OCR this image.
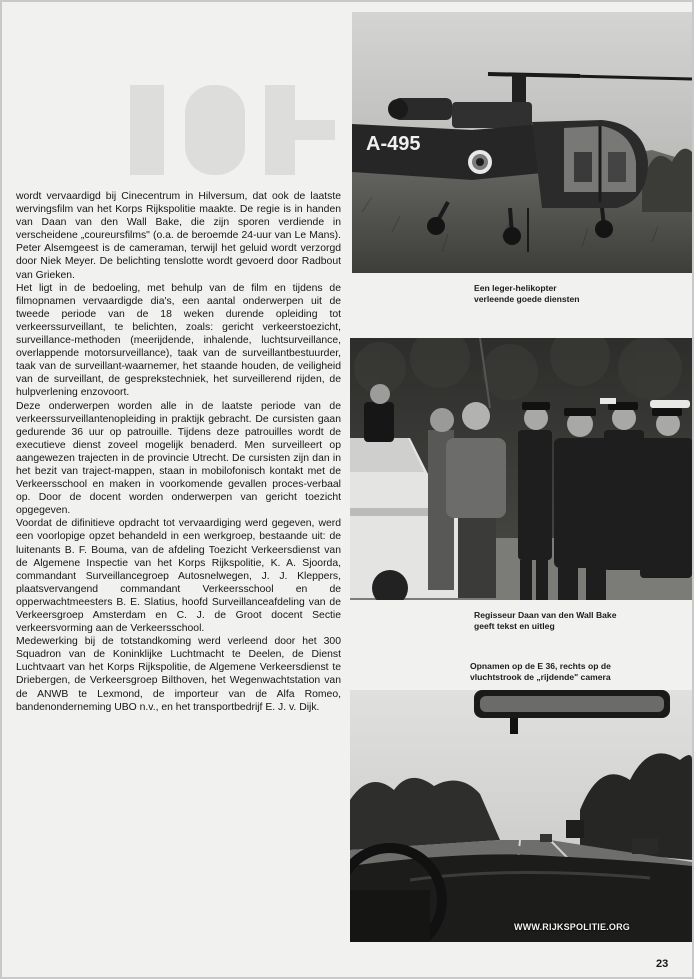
wordt vervaardigd bij Cinecentrum in Hilversum, dat ook de laatste wervingsfilm van het Korps Rijkspolitie maakte. De regie is in handen van Daan van den Wall Bake, die zijn sporen verdiende in verscheidene „coureursfilms" (o.a. de beroemde 24-uur van Le Mans). Peter Alsemgeest is de cameraman, terwijl het geluid wordt verzorgd door Niek Meyer. De belichting tenslotte wordt gevoerd door Radbout van Grieken.

Het ligt in de bedoeling, met behulp van de film en tijdens de filmopnamen vervaardigde dia's, een aantal onderwerpen uit de tweede periode van de 18 weken durende opleiding tot verkeerssurveillant, te belichten, zoals: gericht verkeerstoezicht, surveillance-methoden (meerijdende, inhalende, luchtsurveillance, overlappende motorsurveillance), taak van de surveillantbestuurder, taak van de surveillant-waarnemer, het staande houden, de veiligheid van de surveillant, de gesprekstechniek, het surveillerend rijden, de hulpverlening enzovoort.

Deze onderwerpen worden alle in de laatste periode van de verkeerssurveillantenopleiding in praktijk gebracht. De cursisten gaan gedurende 36 uur op patrouille. Tijdens deze patrouilles wordt de executieve dienst zoveel mogelijk benaderd. Men surveilleert op aangewezen trajecten in de provincie Utrecht. De cursisten zijn dan in het bezit van traject-mappen, staan in mobilofonisch kontakt met de Verkeersschool en maken in voorkomende gevallen proces-verbaal op. Door de docent worden onderwerpen van gericht toezicht opgegeven.

Voordat de difinitieve opdracht tot vervaardiging werd gegeven, werd een voorlopige opzet behandeld in een werkgroep, bestaande uit: de luitenants B. F. Bouma, van de afdeling Toezicht Verkeersdienst van de Algemene Inspectie van het Korps Rijkspolitie, K. A. Sjoorda, commandant Surveillancegroep Autosnelwegen, J. J. Kleppers, plaatsvervangend commandant Verkeersschool en de opperwachtmeesters B. E. Slatius, hoofd Surveillanceafdeling van de Verkeersgroep Amsterdam en C. J. de Groot docent Sectie verkeersvorming aan de Verkeersschool.

Medewerking bij de totstandkoming werd verleend door het 300 Squadron van de Koninklijke Luchtmacht te Deelen, de Dienst Luchtvaart van het Korps Rijkspolitie, de Algemene Verkeersdienst te Driebergen, de Verkeersgroep Bilthoven, het Wegenwachtstation van de ANWB te Lexmond, de importeur van de Alfa Romeo, bandenonderneming UBO n.v., en het transportbedrijf E. J. v. Dijk.

A-495
Een leger-helikopter
verleende goede diensten
Regisseur Daan van den Wall Bake
geeft tekst en uitleg
Opnamen op de E 36, rechts op de
vluchtstrook de „rijdende" camera
WWW.RIJKSPOLITIE.ORG
23
